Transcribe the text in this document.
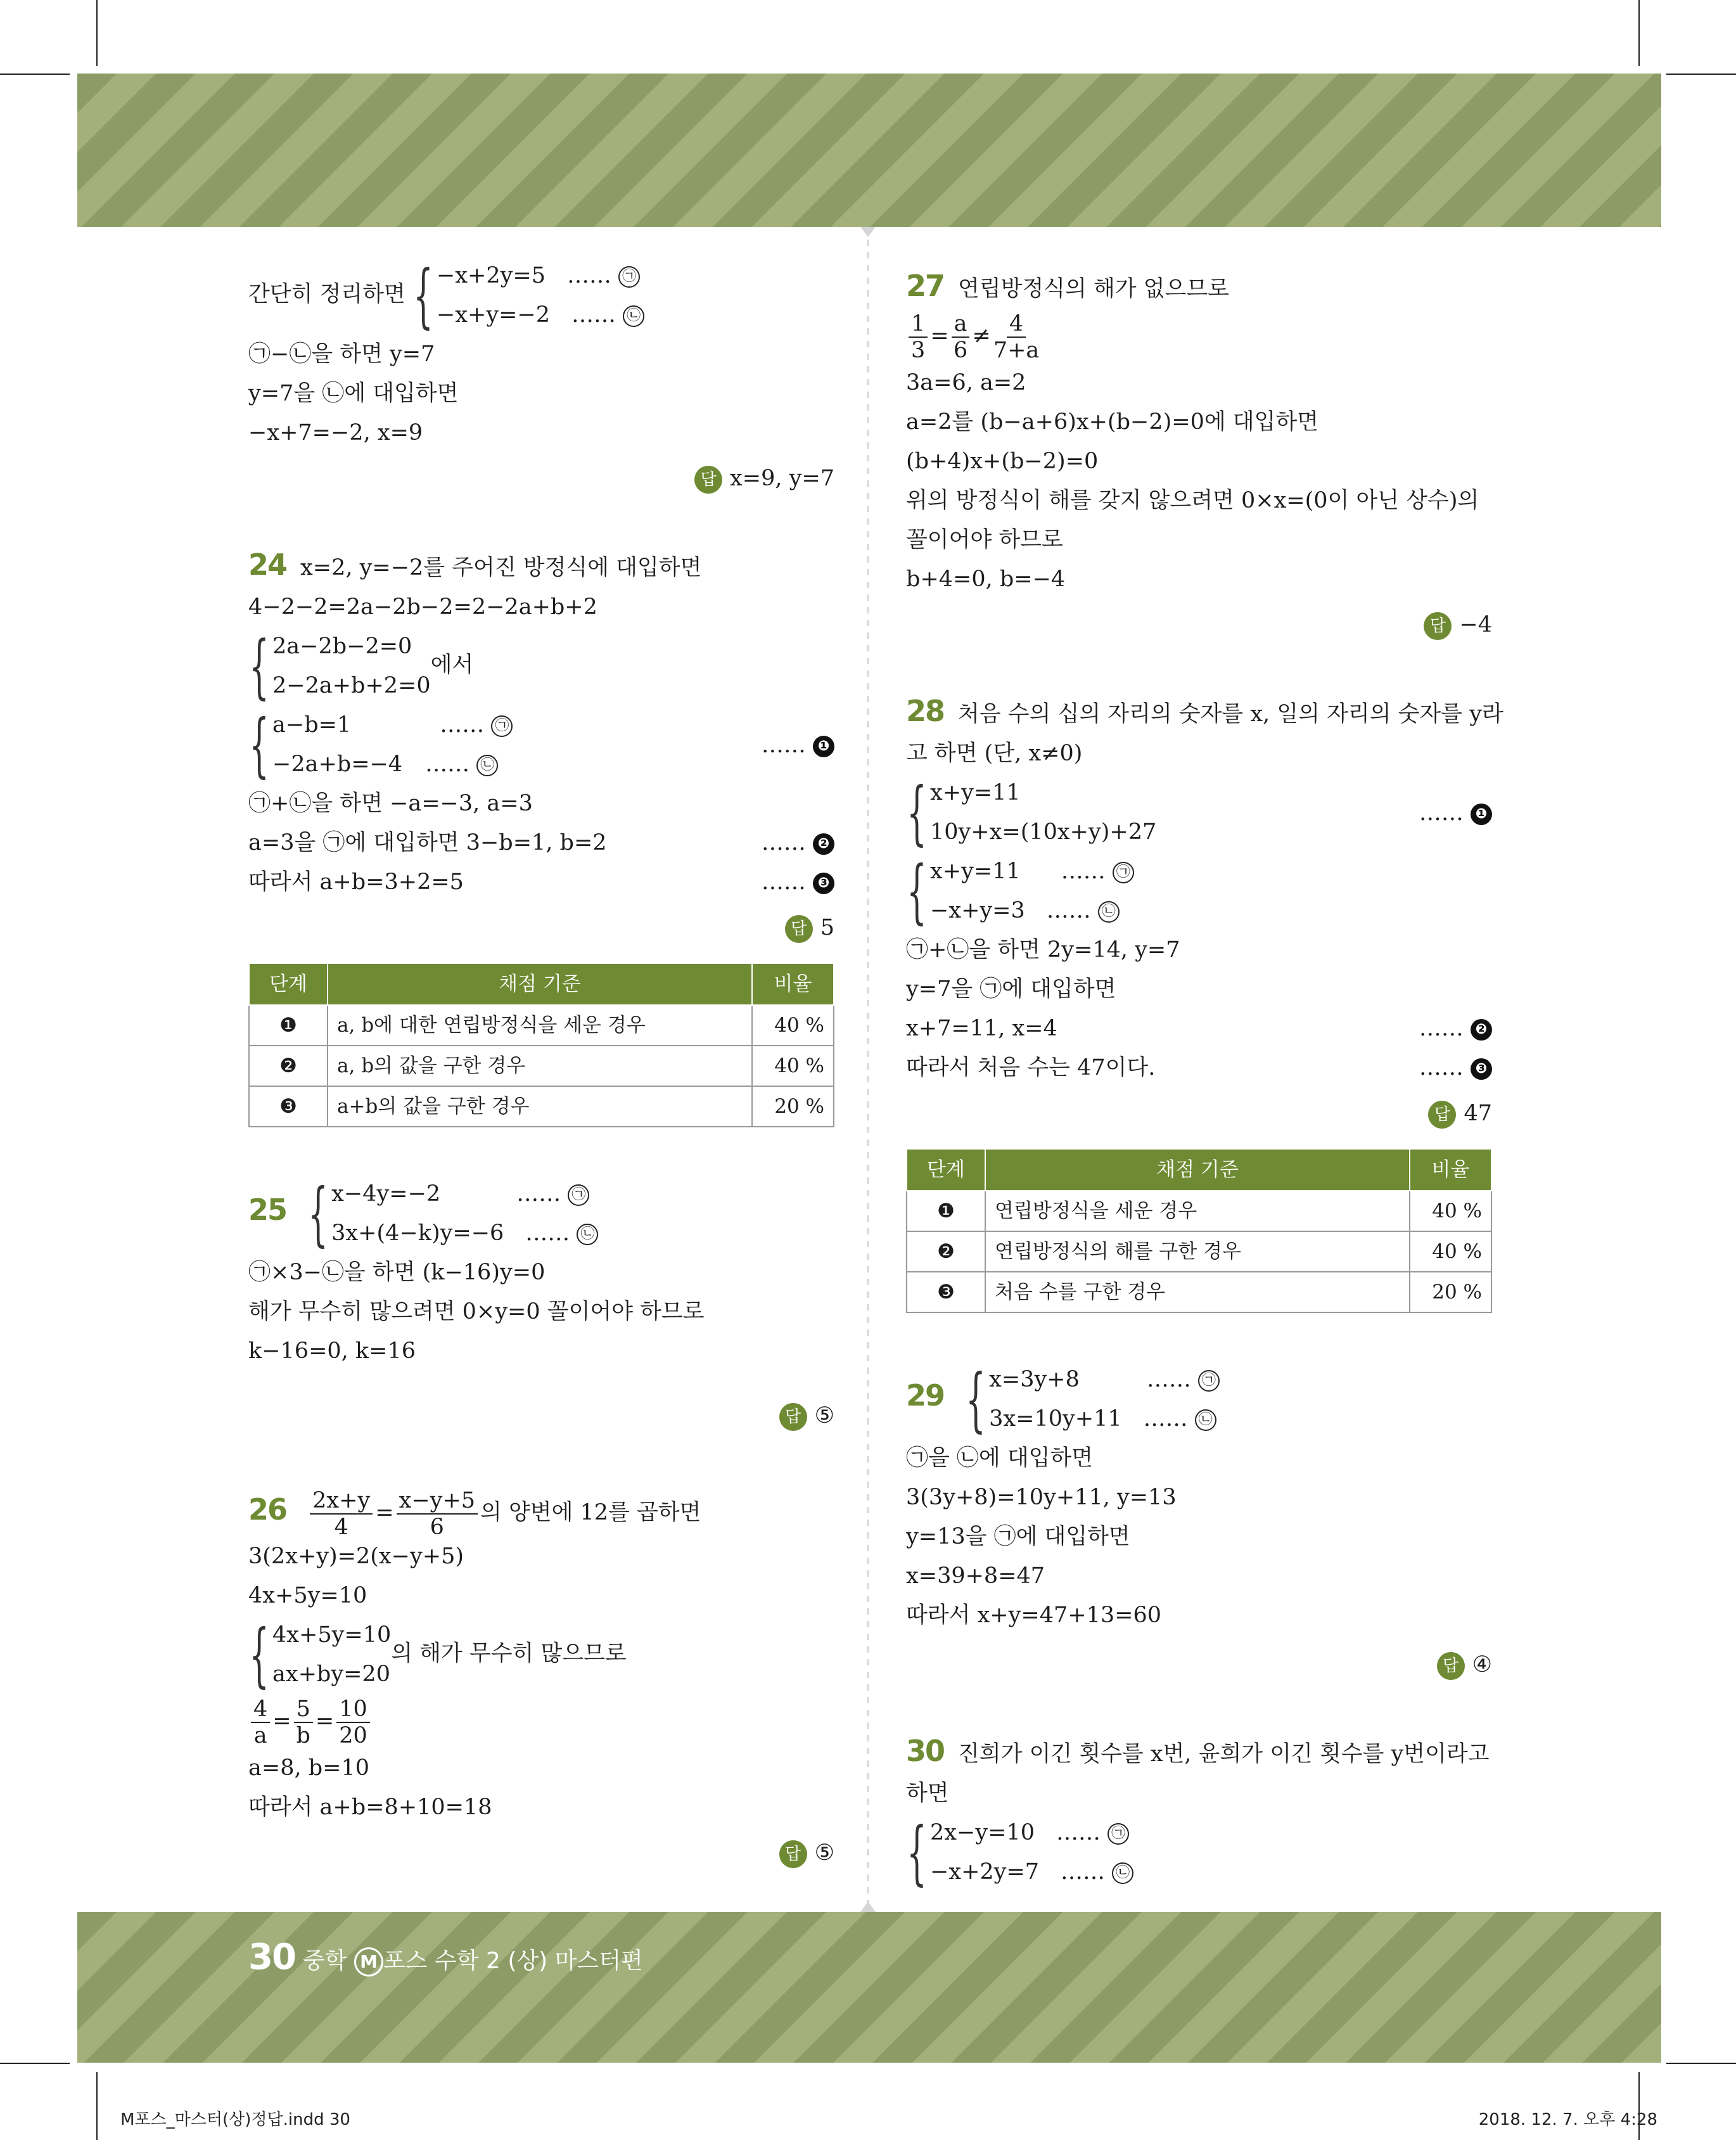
간단히 정리하면 { −x+2y=5 …… ㉠
−x+y=−2 …… ㉡
㉠−㉡을 하면 y=7
y=7을 ㉡에 대입하면
−x+7=−2, x=9
답 x=9, y=7
24 x=2, y=−2를 주어진 방정식에 대입하면
4−2−2=2a−2b−2=2−2a+b+2
{ 2a−2b−2=0
2−2a+b+2=0
에서
{ a−b=1	…… ㉠
−2a+b=−4 …… ㉡
…… ❶
㉠+㉡을 하면 −a=−3, a=3
a=3을 ㉠에 대입하면 3−b=1, b=2	…… ❷
따라서 a+b=3+2=5	…… ❸
답 5
단계	채점 기준	비율
❶	a, b에 대한 연립방정식을 세운 경우	40 %
❷	a, b의 값을 구한 경우	40 %
❸	a+b의 값을 구한 경우	20 %
25 { x−4y=−2	…… ㉠
3x+(4−k)y=−6 …… ㉡
㉠×3−㉡을 하면 (k−16)y=0
해가 무수히 많으려면 0×y=0 꼴이어야 하므로
k−16=0, k=16
답 ⑤
$26 \frac{2x+y}{4} = \frac{x-y+5}{6}$ 의 양변에 12를 곱하면
3(2x+y)=2(x−y+5)
4x+5y=10
{ 4x+5y=10
ax+by=20
의 해가 무수히 많으므로
$\frac{4}{a} = \frac{5}{b} = \frac{10}{20}$
a=8, b=10
따라서 a+b=8+10=18
답 ⑤
27 연립방정식의 해가 없으므로
$\frac{1}{3} = \frac{a}{6} \ne \frac{4}{7+a}$
3a=6, a=2
a=2를 (b−a+6)x+(b−2)=0에 대입하면
(b+4)x+(b−2)=0
위의 방정식이 해를 갖지 않으려면 0×x=(0이 아닌 상수)의
꼴이어야 하므로
b+4=0, b=−4
답 −4
28 처음 수의 십의 자리의 숫자를 x, 일의 자리의 숫자를 y라
고 하면 (단, x≠0)
{ x+y=11
10y+x=(10x+y)+27
…… ❶
{ x+y=11 …… ㉠
−x+y=3 …… ㉡
㉠+㉡을 하면 2y=14, y=7
y=7을 ㉠에 대입하면
x+7=11, x=4	…… ❷
따라서 처음 수는 47이다.	…… ❸
답 47
단계	채점 기준	비율
❶	연립방정식을 세운 경우	40 %
❷	연립방정식의 해를 구한 경우	40 %
❸	처음 수를 구한 경우	20 %
29 { x=3y+8	…… ㉠
3x=10y+11 …… ㉡
㉠을 ㉡에 대입하면
3(3y+8)=10y+11, y=13
y=13을 ㉠에 대입하면
x=39+8=47
따라서 x+y=47+13=60
답 ④
30 진희가 이긴 횟수를 x번, 윤희가 이긴 횟수를 y번이라고
하면
{ 2x−y=10 …… ㉠
−x+2y=7 …… ㉡
30 중학 M 포스 수학 2 (상) 마스터편
M포스_마스터(상)정답.indd 30	2018. 12. 7. 오후 4:28
